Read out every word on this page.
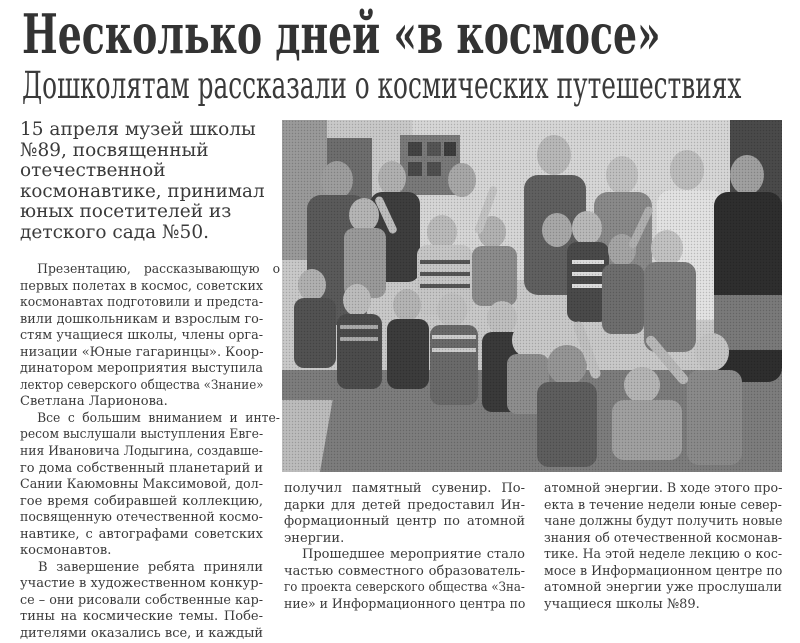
Несколько дней «в космосе»
Дошколятам рассказали о космических путешествиях
15 апреля музей школы
№89, посвященный
отечественной
космонавтике, принимал
юных посетителей из
детского сада №50.
Презентацию, рассказывающую о
первых полетах в космос, советских
космонавтах подготовили и предста-
вили дошкольникам и взрослым го-
стям учащиеся школы, члены орга-
низации «Юные гагаринцы». Коор-
динатором мероприятия выступила
лектор северского общества «Знание»
Светлана Ларионова.
Все с большим вниманием и инте-
ресом выслушали выступления Евге-
ния Ивановича Лодыгина, создавше-
го дома собственный планетарий и
Сании Каюмовны Максимовой, дол-
гое время собиравшей коллекцию,
посвященную отечественной космо-
навтике, с автографами советских
космонавтов.
В завершение ребята приняли
участие в художественном конкур-
се – они рисовали собственные кар-
тины на космические темы. Побе-
дителями оказались все, и каждый
получил памятный сувенир. По-
дарки для детей предоставил Ин-
формационный центр по атомной
энергии.
Прошедшее мероприятие стало
частью совместного образователь-
го проекта северского общества «Зна-
ние» и Информационного центра по
атомной энергии. В ходе этого про-
екта в течение недели юные север-
чане должны будут получить новые
знания об отечественной космонав-
тике. На этой неделе лекцию о кос-
мосе в Информационном центре по
атомной энергии уже прослушали
учащиеся школы №89.
